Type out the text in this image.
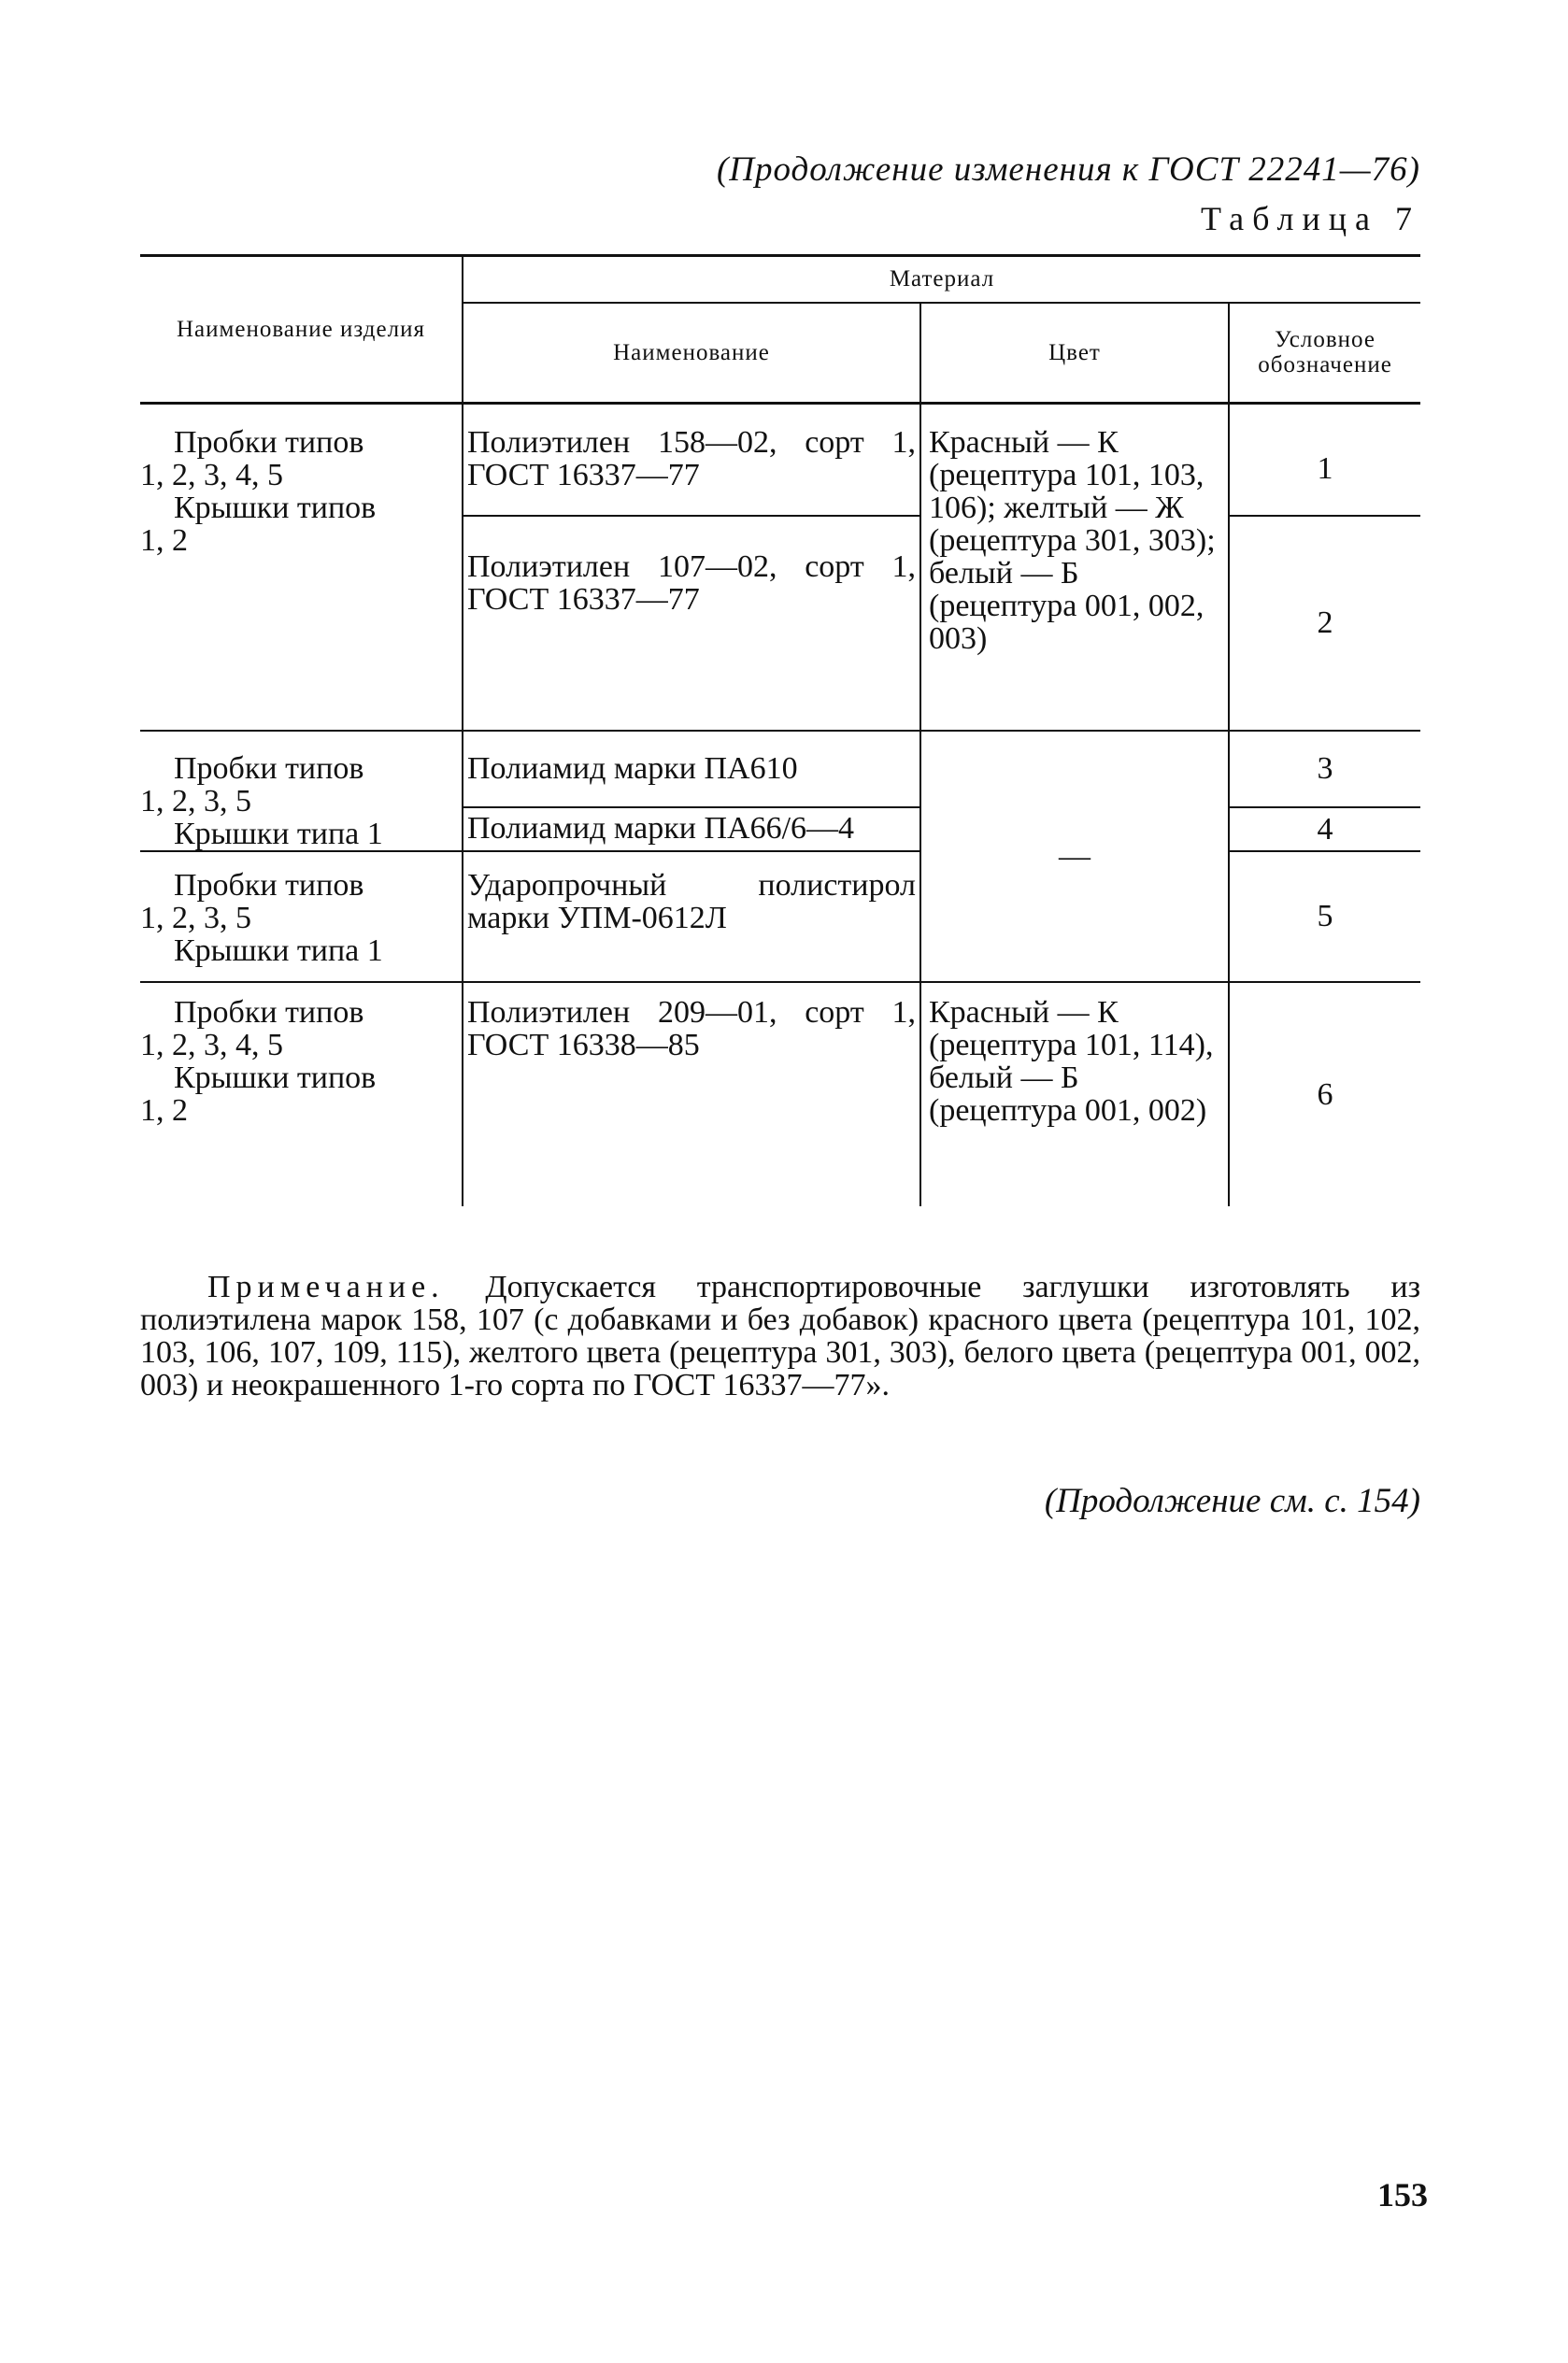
(Продолжение изменения к ГОСТ 22241—76)
Таблица 7
Наименование изделия	Материал		
	Наименование	Цвет	Условное обозначение

Пробки типов
1, 2, 3, 4, 5
Крышки типов
1, 2	Полиэтилен 158—02, сорт 1, ГОСТ 16337—77	Красный — К (рецептура 101, 103, 106); желтый — Ж (рецептура 301, 303); белый — Б (рецептура 001, 002, 003)	1
	Полиэтилен 107—02, сорт 1, ГОСТ 16337—77		2

Пробки типов
1, 2, 3, 5
Крышки типа 1	Полиамид марки ПА610	—	3
	Полиамид марки ПА66/6—4		4

Пробки типов
1, 2, 3, 5
Крышки типа 1	Ударопрочный полистирол марки УПМ-0612Л		5

Пробки типов
1, 2, 3, 4, 5
Крышки типов
1, 2	Полиэтилен 209—01, сорт 1, ГОСТ 16338—85	Красный — К (рецептура 101, 114), белый — Б (рецептура 001, 002)	6
Примечание. Допускается транспортировочные заглушки изготовлять из полиэтилена марок 158, 107 (с добавками и без добавок) красного цвета (рецептура 101, 102, 103, 106, 107, 109, 115), желтого цвета (рецептура 301, 303), белого цвета (рецептура 001, 002, 003) и неокрашенного 1-го сорта по ГОСТ 16337—77».
(Продолжение см. с. 154)
153
